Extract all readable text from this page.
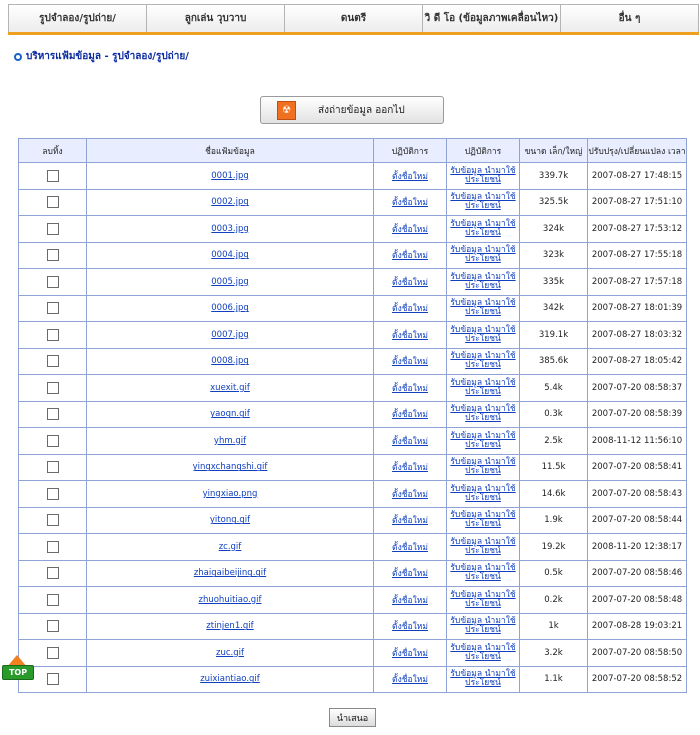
รูปจำลอง/รูปถ่าย/	ลูกเล่น วุบวาบ	ดนตรี	วิ ดี โอ (ข้อมูลภาพเคลื่อนไหว)	อื่น ๆ
บริหารแฟ้มข้อมูล - รูปจำลอง/รูปถ่าย/
☢	ส่งถ่ายข้อมูล ออกไป
ลบทิ้ง	ชื่อแฟ้มข้อมูล	ปฏิบัติการ	ปฏิบัติการ	ขนาด เล็ก/ใหญ่	ปรับปรุง/เปลี่ยนแปลง เวลา
	0001.jpg	ตั้งชื่อใหม่	รับข้อมูล นำมาใช้
ประโยชน์	339.7k	2007-08-27 17:48:15
	0002.jpg	ตั้งชื่อใหม่	รับข้อมูล นำมาใช้
ประโยชน์	325.5k	2007-08-27 17:51:10
	0003.jpg	ตั้งชื่อใหม่	รับข้อมูล นำมาใช้
ประโยชน์	324k	2007-08-27 17:53:12
	0004.jpg	ตั้งชื่อใหม่	รับข้อมูล นำมาใช้
ประโยชน์	323k	2007-08-27 17:55:18
	0005.jpg	ตั้งชื่อใหม่	รับข้อมูล นำมาใช้
ประโยชน์	335k	2007-08-27 17:57:18
	0006.jpg	ตั้งชื่อใหม่	รับข้อมูล นำมาใช้
ประโยชน์	342k	2007-08-27 18:01:39
	0007.jpg	ตั้งชื่อใหม่	รับข้อมูล นำมาใช้
ประโยชน์	319.1k	2007-08-27 18:03:32
	0008.jpg	ตั้งชื่อใหม่	รับข้อมูล นำมาใช้
ประโยชน์	385.6k	2007-08-27 18:05:42
	xuexit.gif	ตั้งชื่อใหม่	รับข้อมูล นำมาใช้
ประโยชน์	5.4k	2007-07-20 08:58:37
	yaogn.gif	ตั้งชื่อใหม่	รับข้อมูล นำมาใช้
ประโยชน์	0.3k	2007-07-20 08:58:39
	yhm.gif	ตั้งชื่อใหม่	รับข้อมูล นำมาใช้
ประโยชน์	2.5k	2008-11-12 11:56:10
	yingxchangshi.gif	ตั้งชื่อใหม่	รับข้อมูล นำมาใช้
ประโยชน์	11.5k	2007-07-20 08:58:41
	yingxiao.png	ตั้งชื่อใหม่	รับข้อมูล นำมาใช้
ประโยชน์	14.6k	2007-07-20 08:58:43
	yitong.gif	ตั้งชื่อใหม่	รับข้อมูล นำมาใช้
ประโยชน์	1.9k	2007-07-20 08:58:44
	zc.gif	ตั้งชื่อใหม่	รับข้อมูล นำมาใช้
ประโยชน์	19.2k	2008-11-20 12:38:17
	zhaigaibeijing.gif	ตั้งชื่อใหม่	รับข้อมูล นำมาใช้
ประโยชน์	0.5k	2007-07-20 08:58:46
	zhuohuitiao.gif	ตั้งชื่อใหม่	รับข้อมูล นำมาใช้
ประโยชน์	0.2k	2007-07-20 08:58:48
	ztinjen1.gif	ตั้งชื่อใหม่	รับข้อมูล นำมาใช้
ประโยชน์	1k	2007-08-28 19:03:21
	zuc.gif	ตั้งชื่อใหม่	รับข้อมูล นำมาใช้
ประโยชน์	3.2k	2007-07-20 08:58:50
	zuixiantiao.gif	ตั้งชื่อใหม่	รับข้อมูล นำมาใช้
ประโยชน์	1.1k	2007-07-20 08:58:52
TOP
นำเสนอ
